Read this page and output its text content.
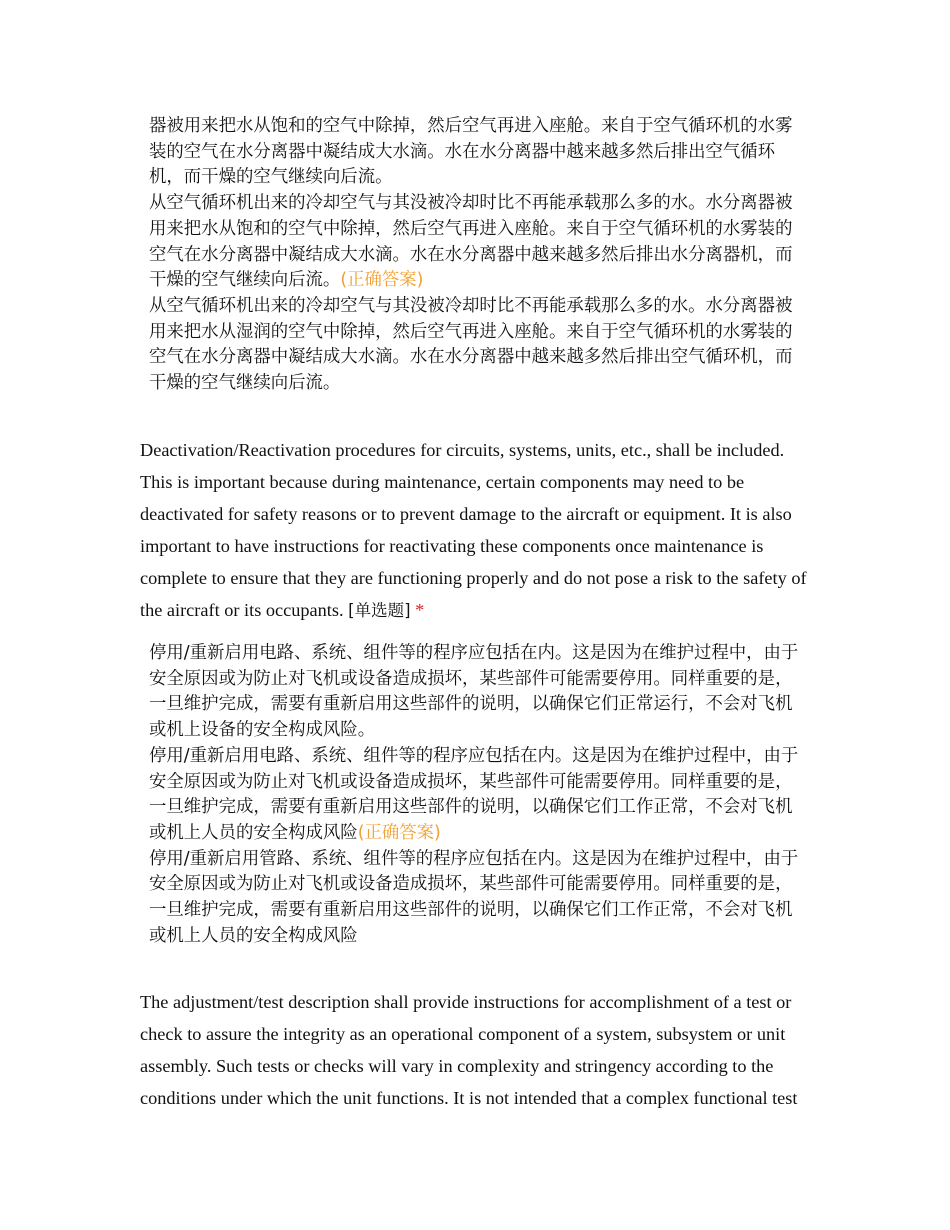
器被用来把水从饱和的空气中除掉，然后空气再进入座舱。来自于空气循环机的水雾装的空气在水分离器中凝结成大水滴。水在水分离器中越来越多然后排出空气循环机，而干燥的空气继续向后流。

从空气循环机出来的冷却空气与其没被冷却时比不再能承载那么多的水。水分离器被用来把水从饱和的空气中除掉，然后空气再进入座舱。来自于空气循环机的水雾装的空气在水分离器中凝结成大水滴。水在水分离器中越来越多然后排出水分离器机，而干燥的空气继续向后流。(正确答案)

从空气循环机出来的冷却空气与其没被冷却时比不再能承载那么多的水。水分离器被用来把水从湿润的空气中除掉，然后空气再进入座舱。来自于空气循环机的水雾装的空气在水分离器中凝结成大水滴。水在水分离器中越来越多然后排出空气循环机，而干燥的空气继续向后流。

Deactivation/Reactivation procedures for circuits, systems, units, etc., shall be included. This is important because during maintenance, certain components may need to be deactivated for safety reasons or to prevent damage to the aircraft or equipment. It is also important to have instructions for reactivating these components once maintenance is complete to ensure that they are functioning properly and do not pose a risk to the safety of the aircraft or its occupants. [单选题] *

停用/重新启用电路、系统、组件等的程序应包括在内。这是因为在维护过程中，由于安全原因或为防止对飞机或设备造成损坏，某些部件可能需要停用。同样重要的是，一旦维护完成，需要有重新启用这些部件的说明，以确保它们正常运行，不会对飞机或机上设备的安全构成风险。

停用/重新启用电路、系统、组件等的程序应包括在内。这是因为在维护过程中，由于安全原因或为防止对飞机或设备造成损坏，某些部件可能需要停用。同样重要的是，一旦维护完成，需要有重新启用这些部件的说明，以确保它们工作正常，不会对飞机或机上人员的安全构成风险(正确答案)

停用/重新启用管路、系统、组件等的程序应包括在内。这是因为在维护过程中，由于安全原因或为防止对飞机或设备造成损坏，某些部件可能需要停用。同样重要的是，一旦维护完成，需要有重新启用这些部件的说明，以确保它们工作正常，不会对飞机或机上人员的安全构成风险

The adjustment/test description shall provide instructions for accomplishment of a test or check to assure the integrity as an operational component of a system, subsystem or unit assembly. Such tests or checks will vary in complexity and stringency according to the conditions under which the unit functions. It is not intended that a complex functional test
